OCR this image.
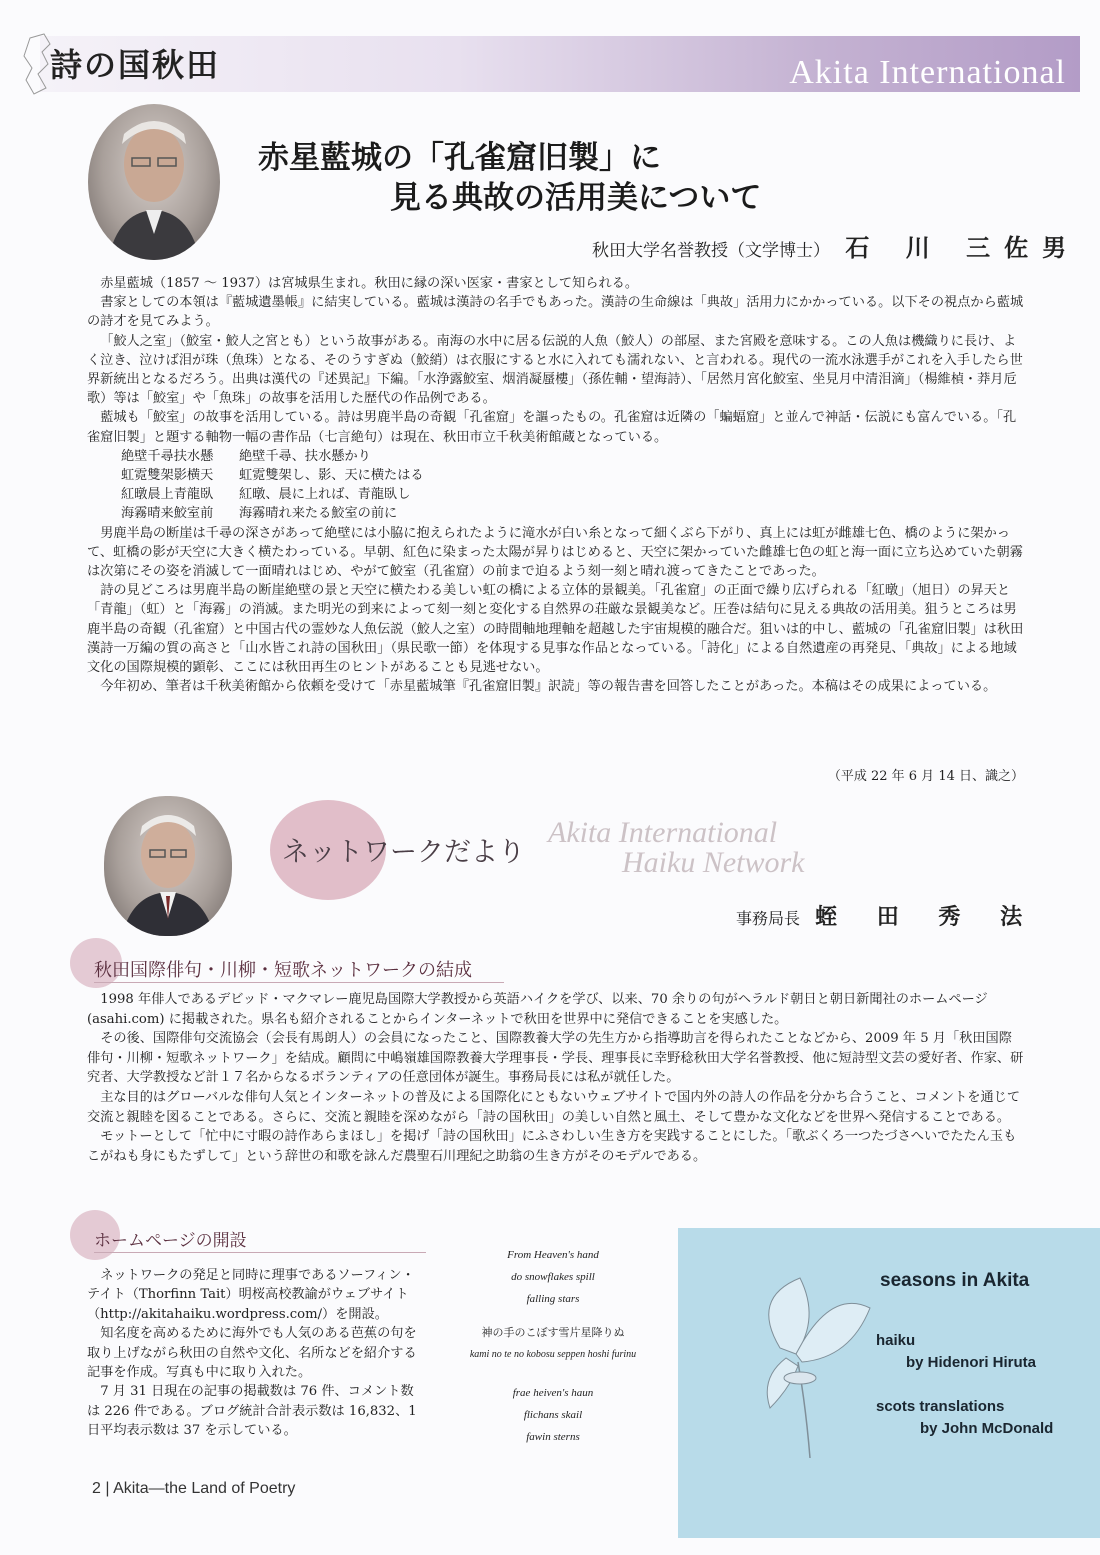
詩の国秋田	Akita International
赤星藍城の「孔雀窟旧製」に
見る典故の活用美について
秋田大学名誉教授（文学博士） 石 川 三佐男

赤星藍城（1857 ～ 1937）は宮城県生まれ。秋田に縁の深い医家・書家として知られる。

書家としての本領は『藍城遺墨帳』に結実している。藍城は漢詩の名手でもあった。漢詩の生命線は「典故」活用力にかかっている。以下その視点から藍城の詩才を見てみよう。

「鮫人之室」（鮫室・鮫人之宮とも）という故事がある。南海の水中に居る伝説的人魚（鮫人）の部屋、また宮殿を意味する。この人魚は機織りに長け、よく泣き、泣けば泪が珠（魚珠）となる、そのうすぎぬ（鮫綃）は衣服にすると水に入れても濡れない、と言われる。現代の一流水泳選手がこれを入手したら世界新統出となるだろう。出典は漢代の『述異記』下編。「水浄露鮫室、烟消凝蜃樓」（孫佐輔・望海詩）、「居然月宮化鮫室、坐見月中清泪滴」（楊維楨・莽月卮歌）等は「鮫室」や「魚珠」の故事を活用した歴代の作品例である。

藍城も「鮫室」の故事を活用している。詩は男鹿半島の奇観「孔雀窟」を謳ったもの。孔雀窟は近隣の「蝙蝠窟」と並んで神話・伝説にも富んでいる。「孔雀窟旧製」と題する軸物一幅の書作品（七言絶句）は現在、秋田市立千秋美術館蔵となっている。

絶壁千尋扶水懸 絶壁千尋、扶水懸かり

虹霓雙架影横天 虹霓雙架し、影、天に横たはる

紅暾晨上青龍臥 紅暾、晨に上れば、青龍臥し

海霧晴来鮫室前 海霧晴れ来たる鮫室の前に

男鹿半島の断崖は千尋の深さがあって絶壁には小脇に抱えられたように滝水が白い糸となって細くぶら下がり、真上には虹が雌雄七色、橋のように架かって、虹橋の影が天空に大きく横たわっている。早朝、紅色に染まった太陽が昇りはじめると、天空に架かっていた雌雄七色の虹と海一面に立ち込めていた朝霧は次第にその姿を消滅して一面晴れはじめ、やがて鮫室（孔雀窟）の前まで迫るよう刻一刻と晴れ渡ってきたことであった。

詩の見どころは男鹿半島の断崖絶壁の景と天空に横たわる美しい虹の橋による立体的景観美。「孔雀窟」の正面で繰り広げられる「紅暾」（旭日）の昇天と「青龍」（虹）と「海霧」の消滅。また明光の到来によって刻一刻と変化する自然界の荘厳な景観美など。圧巻は結句に見える典故の活用美。狙うところは男鹿半島の奇観（孔雀窟）と中国古代の霊妙な人魚伝説（鮫人之室）の時間軸地理軸を超越した宇宙規模的融合だ。狙いは的中し、藍城の「孔雀窟旧製」は秋田漢詩一万編の質の高さと「山水皆これ詩の国秋田」（県民歌一節）を体現する見事な作品となっている。「詩化」による自然遺産の再発見、「典故」による地域文化の国際規模的顕彰、ここには秋田再生のヒントがあることも見逃せない。

今年初め、筆者は千秋美術館から依頼を受けて「赤星藍城筆『孔雀窟旧製』訳読」等の報告書を回答したことがあった。本稿はその成果によっている。

（平成 22 年 6 月 14 日、識之）
ネットワークだより
Akita International
Haiku Network
事務局長 蛭 田 秀 法
秋田国際俳句・川柳・短歌ネットワークの結成

1998 年俳人であるデビッド・マクマレー鹿児島国際大学教授から英語ハイクを学び、以来、70 余りの句がヘラルド朝日と朝日新聞社のホームページ (asahi.com) に掲載された。県名も紹介されることからインターネットで秋田を世界中に発信できることを実感した。

その後、国際俳句交流協会（会長有馬朗人）の会員になったこと、国際教養大学の先生方から指導助言を得られたことなどから、2009 年 5 月「秋田国際俳句・川柳・短歌ネットワーク」を結成。顧問に中嶋嶺雄国際教養大学理事長・学長、理事長に幸野稔秋田大学名誉教授、他に短詩型文芸の愛好者、作家、研究者、大学教授など計１７名からなるボランティアの任意団体が誕生。事務局長には私が就任した。

主な目的はグローバルな俳句人気とインターネットの普及による国際化にともないウェブサイトで国内外の詩人の作品を分かち合うこと、コメントを通じて交流と親睦を図ることである。さらに、交流と親睦を深めながら「詩の国秋田」の美しい自然と風土、そして豊かな文化などを世界へ発信することである。

モットーとして「忙中に寸暇の詩作あらまほし」を掲げ「詩の国秋田」にふさわしい生き方を実践することにした。「歌ぶくろ一つたづさへいでたたん玉もこがねも身にもたずして」という辞世の和歌を詠んだ農聖石川理紀之助翁の生き方がそのモデルである。

ホームページの開設

ネットワークの発足と同時に理事であるソーフィン・テイト（Thorfinn Tait）明桜高校教諭がウェブサイト（http://akitahaiku.wordpress.com/）を開設。

知名度を高めるために海外でも人気のある芭蕉の句を取り上げながら秋田の自然や文化、名所などを紹介する記事を作成。写真も中に取り入れた。

7 月 31 日現在の記事の掲載数は 76 件、コメント数は 226 件である。ブログ統計合計表示数は 16,832、1 日平均表示数は 37 を示している。

From Heaven's hand
do snowflakes spill
falling stars
神の手のこぼす雪片星降りぬ
kami no te no kobosu seppen hoshi furinu
frae heiven's haun
flichans skail
fawin sterns
seasons in Akita
haiku
by Hidenori Hiruta
scots translations
by John McDonald
2 | Akita—the Land of Poetry
